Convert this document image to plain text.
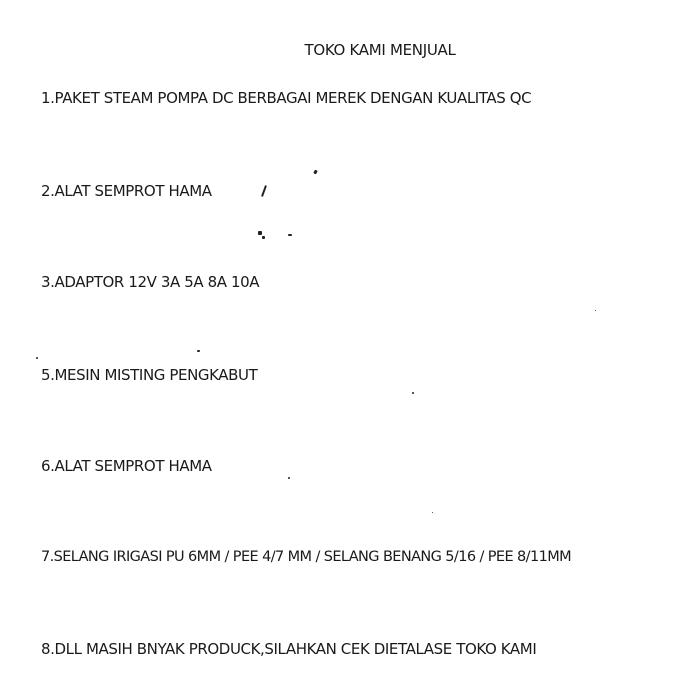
TOKO KAMI MENJUAL
1.PAKET STEAM POMPA DC BERBAGAI MEREK DENGAN KUALITAS QC
2.ALAT SEMPROT HAMA
3.ADAPTOR 12V 3A 5A 8A 10A
5.MESIN MISTING PENGKABUT
6.ALAT SEMPROT HAMA
7.SELANG IRIGASI PU 6MM / PEE 4/7 MM / SELANG BENANG 5/16 / PEE 8/11MM
8.DLL MASIH BNYAK PRODUCK,SILAHKAN CEK DIETALASE TOKO KAMI
